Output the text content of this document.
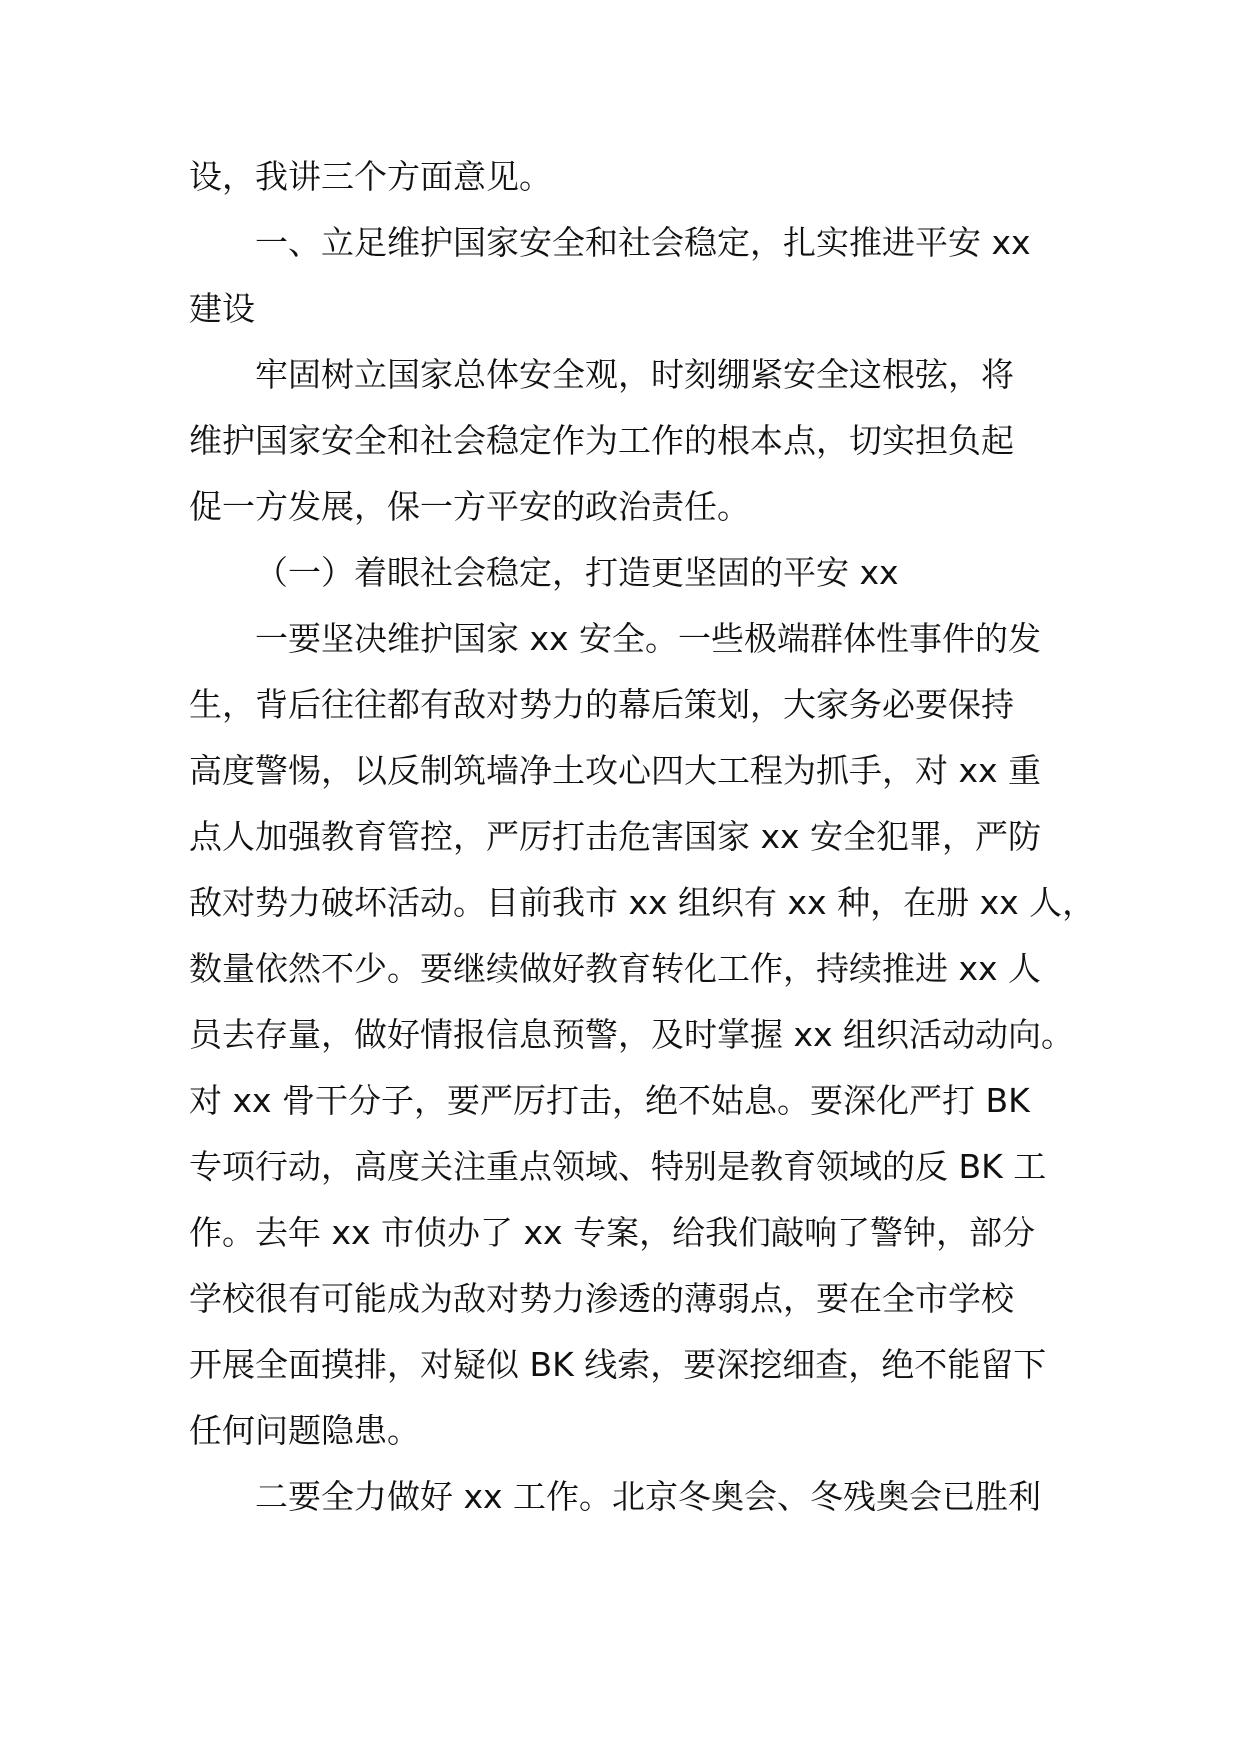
设，我讲三个方面意见。
一、立足维护国家安全和社会稳定，扎实推进平安 xx
建设
牢固树立国家总体安全观，时刻绷紧安全这根弦，将
维护国家安全和社会稳定作为工作的根本点，切实担负起
促一方发展，保一方平安的政治责任。
（一）着眼社会稳定，打造更坚固的平安 xx
一要坚决维护国家 xx 安全。一些极端群体性事件的发
生，背后往往都有敌对势力的幕后策划，大家务必要保持
高度警惕，以反制筑墙净土攻心四大工程为抓手，对 xx 重
点人加强教育管控，严厉打击危害国家 xx 安全犯罪，严防
敌对势力破坏活动。目前我市 xx 组织有 xx 种，在册 xx 人，
数量依然不少。要继续做好教育转化工作，持续推进 xx 人
员去存量，做好情报信息预警，及时掌握 xx 组织活动动向。
对 xx 骨干分子，要严厉打击，绝不姑息。要深化严打 BK
专项行动，高度关注重点领域、特别是教育领域的反 BK 工
作。去年 xx 市侦办了 xx 专案，给我们敲响了警钟，部分
学校很有可能成为敌对势力渗透的薄弱点，要在全市学校
开展全面摸排，对疑似 BK 线索，要深挖细查，绝不能留下
任何问题隐患。
二要全力做好 xx 工作。北京冬奥会、冬残奥会已胜利
